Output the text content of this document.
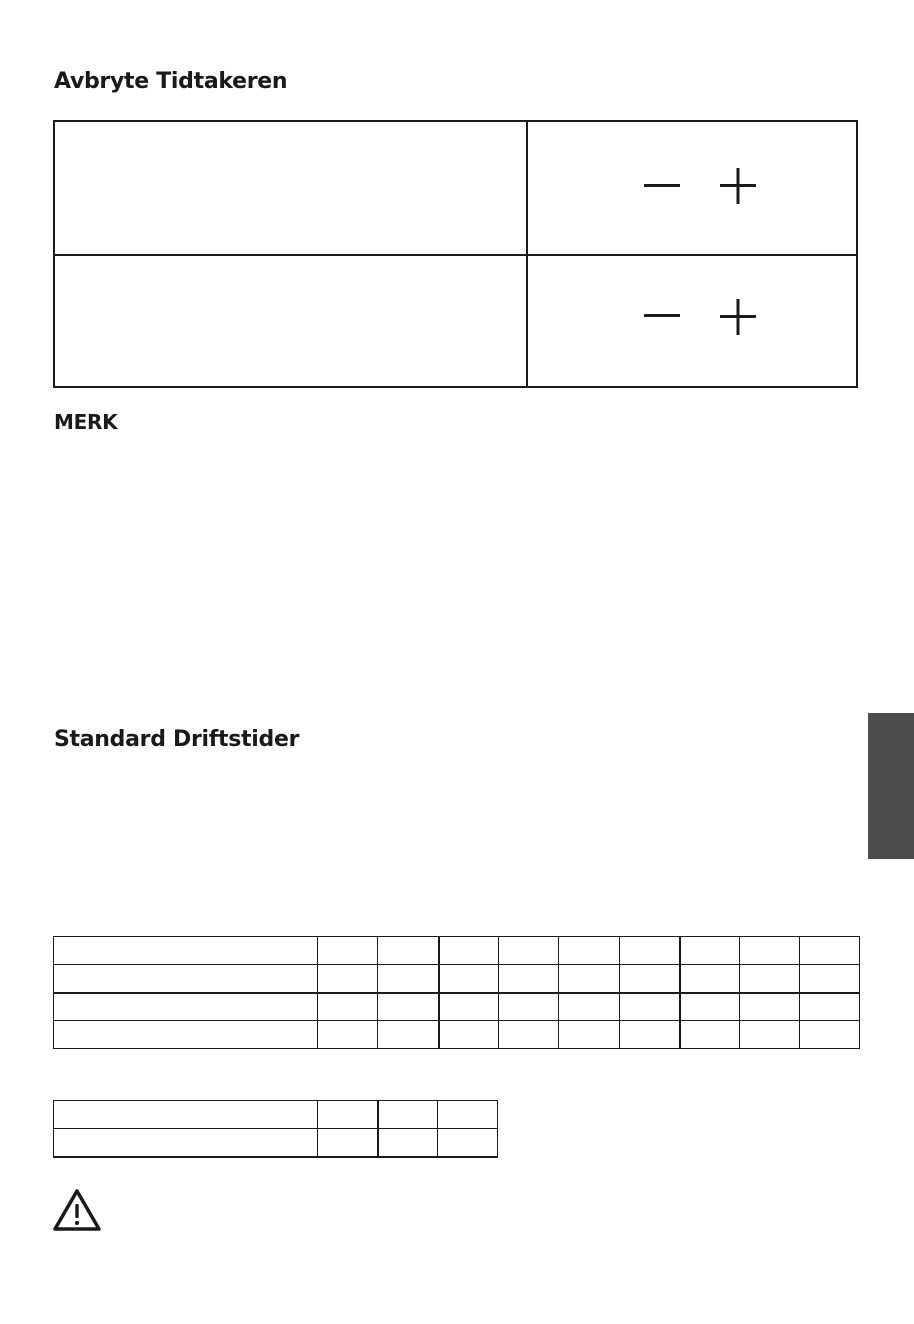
Avbryte Tidtakeren
MERK
Standard Driftstider
